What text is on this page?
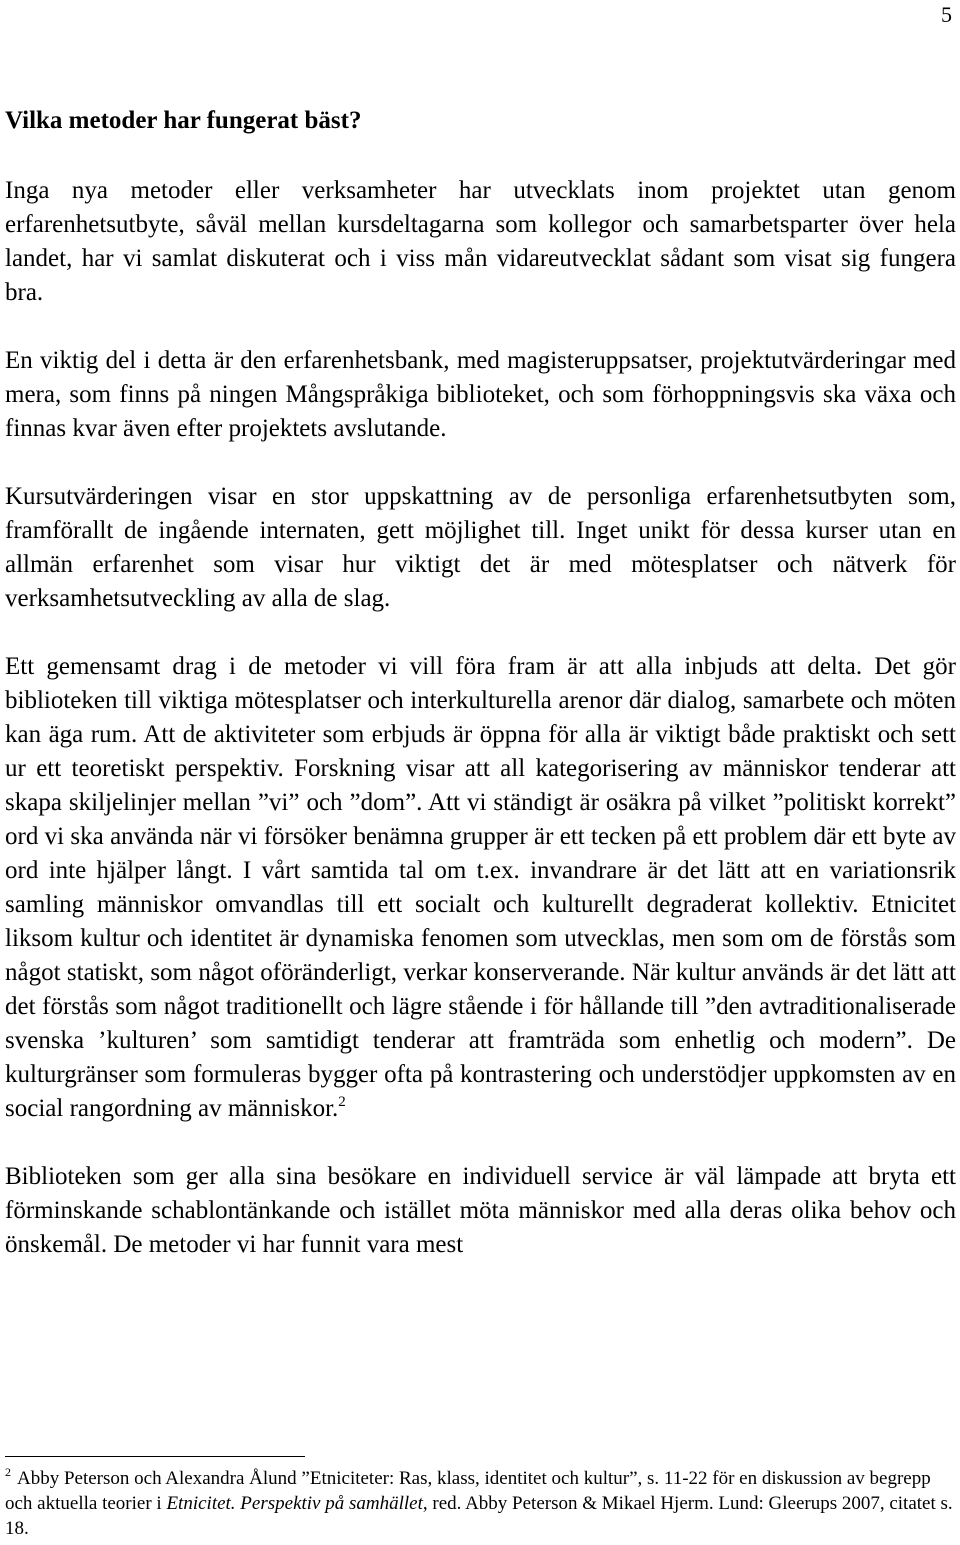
5
Vilka metoder har fungerat bäst?

Inga nya metoder eller verksamheter har utvecklats inom projektet utan genom erfarenhetsutbyte, såväl mellan kursdeltagarna som kollegor och samarbetsparter över hela landet, har vi samlat diskuterat och i viss mån vidareutvecklat sådant som visat sig fungera bra.

En viktig del i detta är den erfarenhetsbank, med magisteruppsatser, projektutvärderingar med mera, som finns på ningen Mångspråkiga biblioteket, och som förhoppningsvis ska växa och finnas kvar även efter projektets avslutande.

Kursutvärderingen visar en stor uppskattning av de personliga erfarenhetsutbyten som, framförallt de ingående internaten, gett möjlighet till. Inget unikt för dessa kurser utan en allmän erfarenhet som visar hur viktigt det är med mötesplatser och nätverk för verksamhetsutveckling av alla de slag.

Ett gemensamt drag i de metoder vi vill föra fram är att alla inbjuds att delta. Det gör biblioteken till viktiga mötesplatser och interkulturella arenor där dialog, samarbete och möten kan äga rum. Att de aktiviteter som erbjuds är öppna för alla är viktigt både praktiskt och sett ur ett teoretiskt perspektiv. Forskning visar att all kategorisering av människor tenderar att skapa skiljelinjer mellan ”vi” och ”dom”. Att vi ständigt är osäkra på vilket ”politiskt korrekt” ord vi ska använda när vi försöker benämna grupper är ett tecken på ett problem där ett byte av ord inte hjälper långt. I vårt samtida tal om t.ex. invandrare är det lätt att en variationsrik samling människor omvandlas till ett socialt och kulturellt degraderat kollektiv. Etnicitet liksom kultur och identitet är dynamiska fenomen som utvecklas, men som om de förstås som något statiskt, som något oföränderligt, verkar konserverande. När kultur används är det lätt att det förstås som något traditionellt och lägre stående i för hållande till ”den avtraditionaliserade svenska ’kulturen’ som samtidigt tenderar att framträda som enhetlig och modern”. De kulturgränser som formuleras bygger ofta på kontrastering och understödjer uppkomsten av en social rangordning av människor.$^2$

Biblioteken som ger alla sina besökare en individuell service är väl lämpade att bryta ett förminskande schablontänkande och istället möta människor med alla deras olika behov och önskemål. De metoder vi har funnit vara mest

$^2$ Abby Peterson och Alexandra Ålund ”Etniciteter: Ras, klass, identitet och kultur”, s. 11-22 för en diskussion av begrepp och aktuella teorier i Etnicitet. Perspektiv på samhället, red. Abby Peterson & Mikael Hjerm. Lund: Gleerups 2007, citatet s. 18.
